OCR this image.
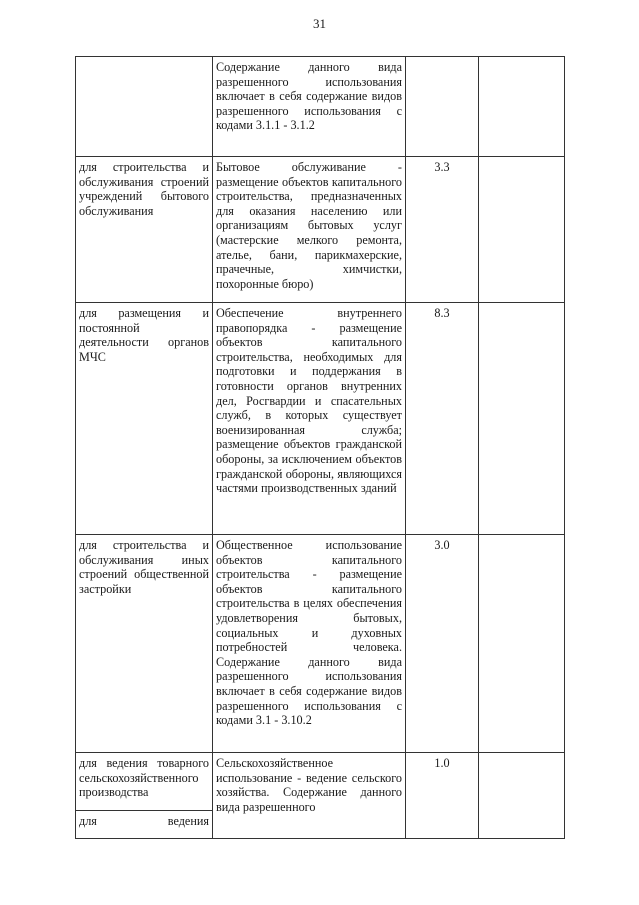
31
Содержание данного вида разрешенного использования включает в себя содержание видов разрешенного использования с кодами 3.1.1 - 3.1.2
для строительства и обслуживания строений учреждений бытового обслуживания
Бытовое обслуживание - размещение объектов капитального строительства, предназначенных для оказания населению или организациям бытовых услуг (мастерские мелкого ремонта, ателье, бани, парикмахерские, прачечные, химчистки, похоронные бюро)
3.3
для размещения и постоянной деятельности органов МЧС
Обеспечение внутреннего правопорядка - размещение объектов капитального строительства, необходимых для подготовки и поддержания в готовности органов внутренних дел, Росгвардии и спасательных служб, в которых существует военизированная служба; размещение объектов гражданской обороны, за исключением объектов гражданской обороны, являющихся частями производственных зданий
8.3
для строительства и обслуживания иных строений общественной застройки
Общественное использование объектов капитального строительства - размещение объектов капитального строительства в целях обеспечения удовлетворения бытовых, социальных и духовных потребностей человека. Содержание данного вида разрешенного использования включает в себя содержание видов разрешенного использования с кодами 3.1 - 3.10.2
3.0
для ведения товарного сельскохозяйственного производства
Сельскохозяйственное использование - ведение сельского хозяйства. Содержание данного вида разрешенного
1.0
для ведения
